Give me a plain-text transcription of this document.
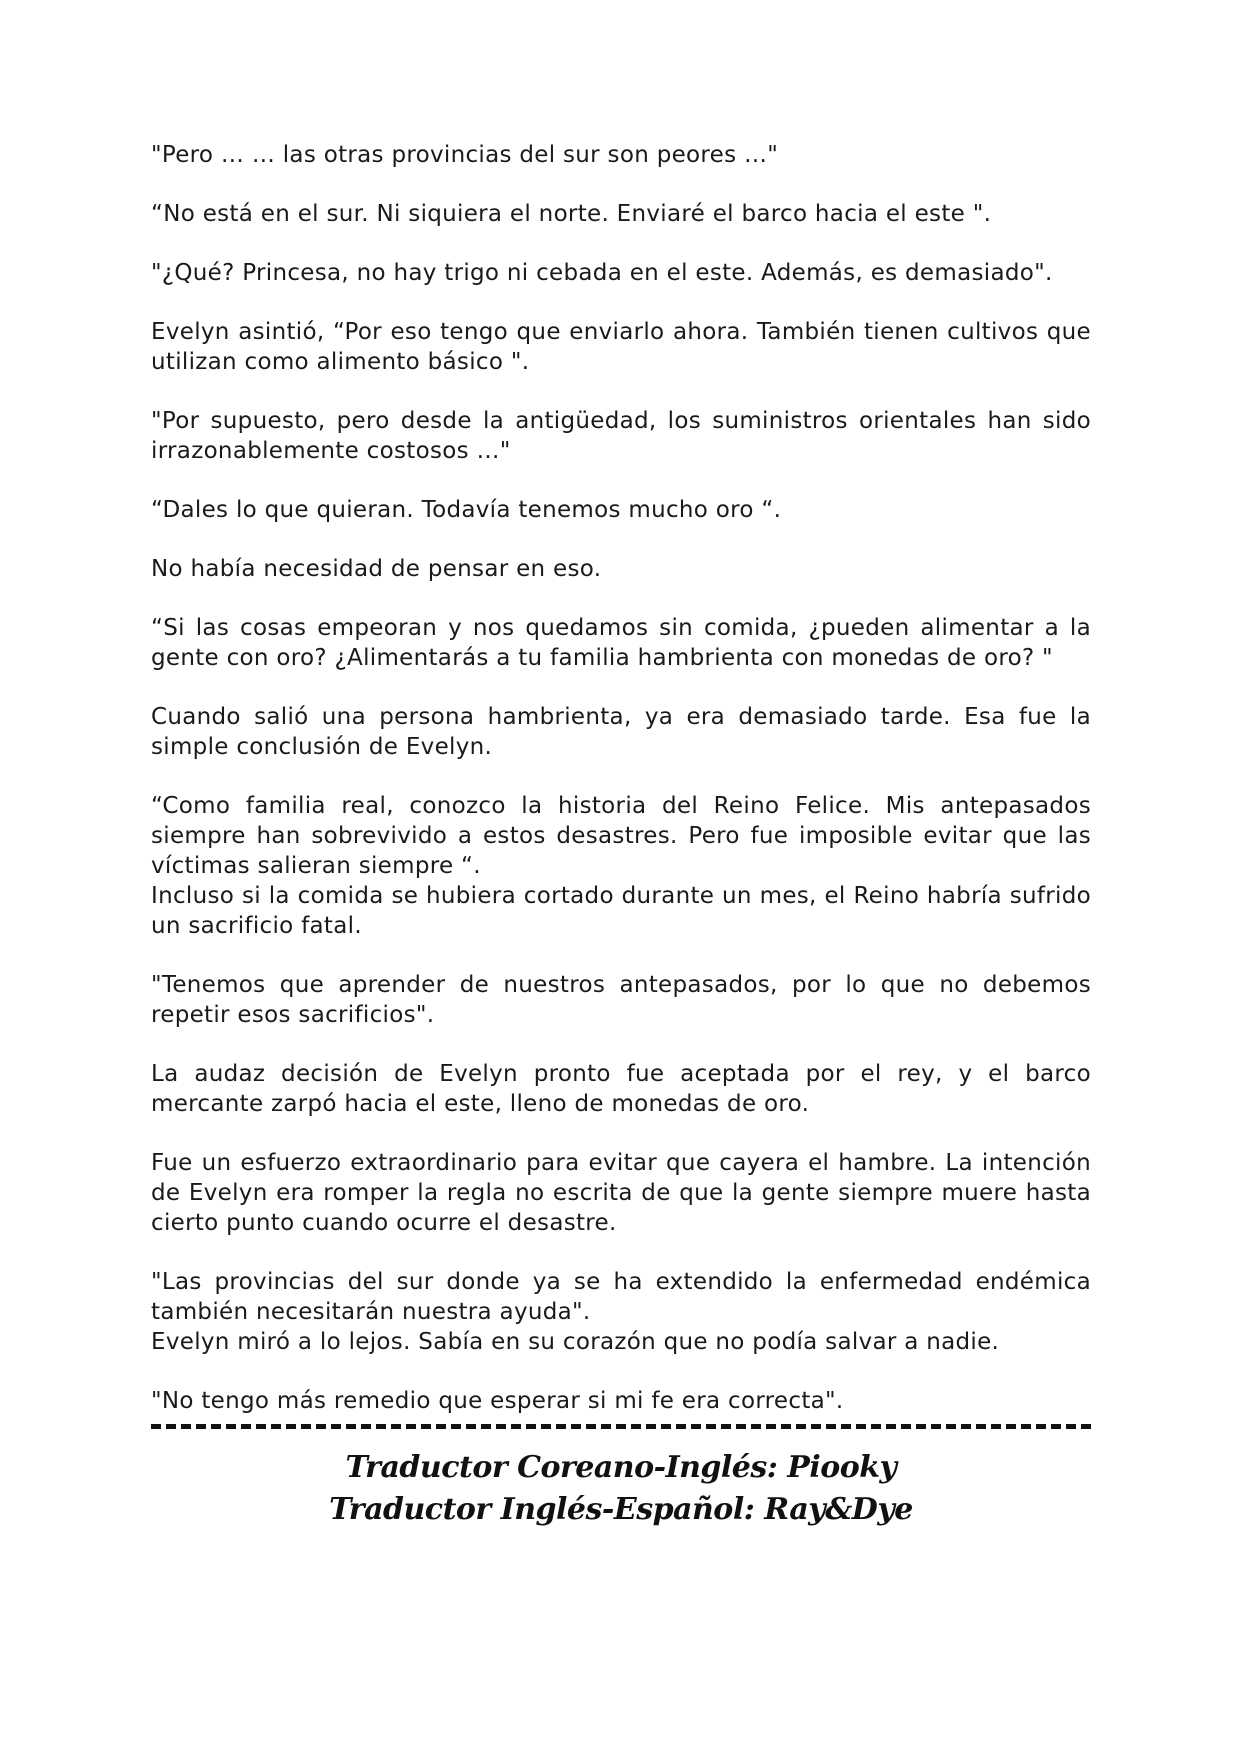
"Pero … … las otras provincias del sur son peores …"

“No está en el sur. Ni siquiera el norte. Enviaré el barco hacia el este ".

"¿Qué? Princesa, no hay trigo ni cebada en el este. Además, es demasiado".

Evelyn asintió, “Por eso tengo que enviarlo ahora. También tienen cultivos que utilizan como alimento básico ".

"Por supuesto, pero desde la antigüedad, los suministros orientales han sido irrazonablemente costosos …"

“Dales lo que quieran. Todavía tenemos mucho oro “.

No había necesidad de pensar en eso.

“Si las cosas empeoran y nos quedamos sin comida, ¿pueden alimentar a la gente con oro? ¿Alimentarás a tu familia hambrienta con monedas de oro? "

Cuando salió una persona hambrienta, ya era demasiado tarde. Esa fue la simple conclusión de Evelyn.

“Como familia real, conozco la historia del Reino Felice. Mis antepasados siempre han sobrevivido a estos desastres. Pero fue imposible evitar que las víctimas salieran siempre “.

Incluso si la comida se hubiera cortado durante un mes, el Reino habría sufrido un sacrificio fatal.

"Tenemos que aprender de nuestros antepasados, por lo que no debemos repetir esos sacrificios".

La audaz decisión de Evelyn pronto fue aceptada por el rey, y el barco mercante zarpó hacia el este, lleno de monedas de oro.

Fue un esfuerzo extraordinario para evitar que cayera el hambre. La intención de Evelyn era romper la regla no escrita de que la gente siempre muere hasta cierto punto cuando ocurre el desastre.

"Las provincias del sur donde ya se ha extendido la enfermedad endémica también necesitarán nuestra ayuda".

Evelyn miró a lo lejos. Sabía en su corazón que no podía salvar a nadie.

"No tengo más remedio que esperar si mi fe era correcta".

Traductor Coreano-Inglés: Piooky
Traductor Inglés-Español: Ray&Dye
